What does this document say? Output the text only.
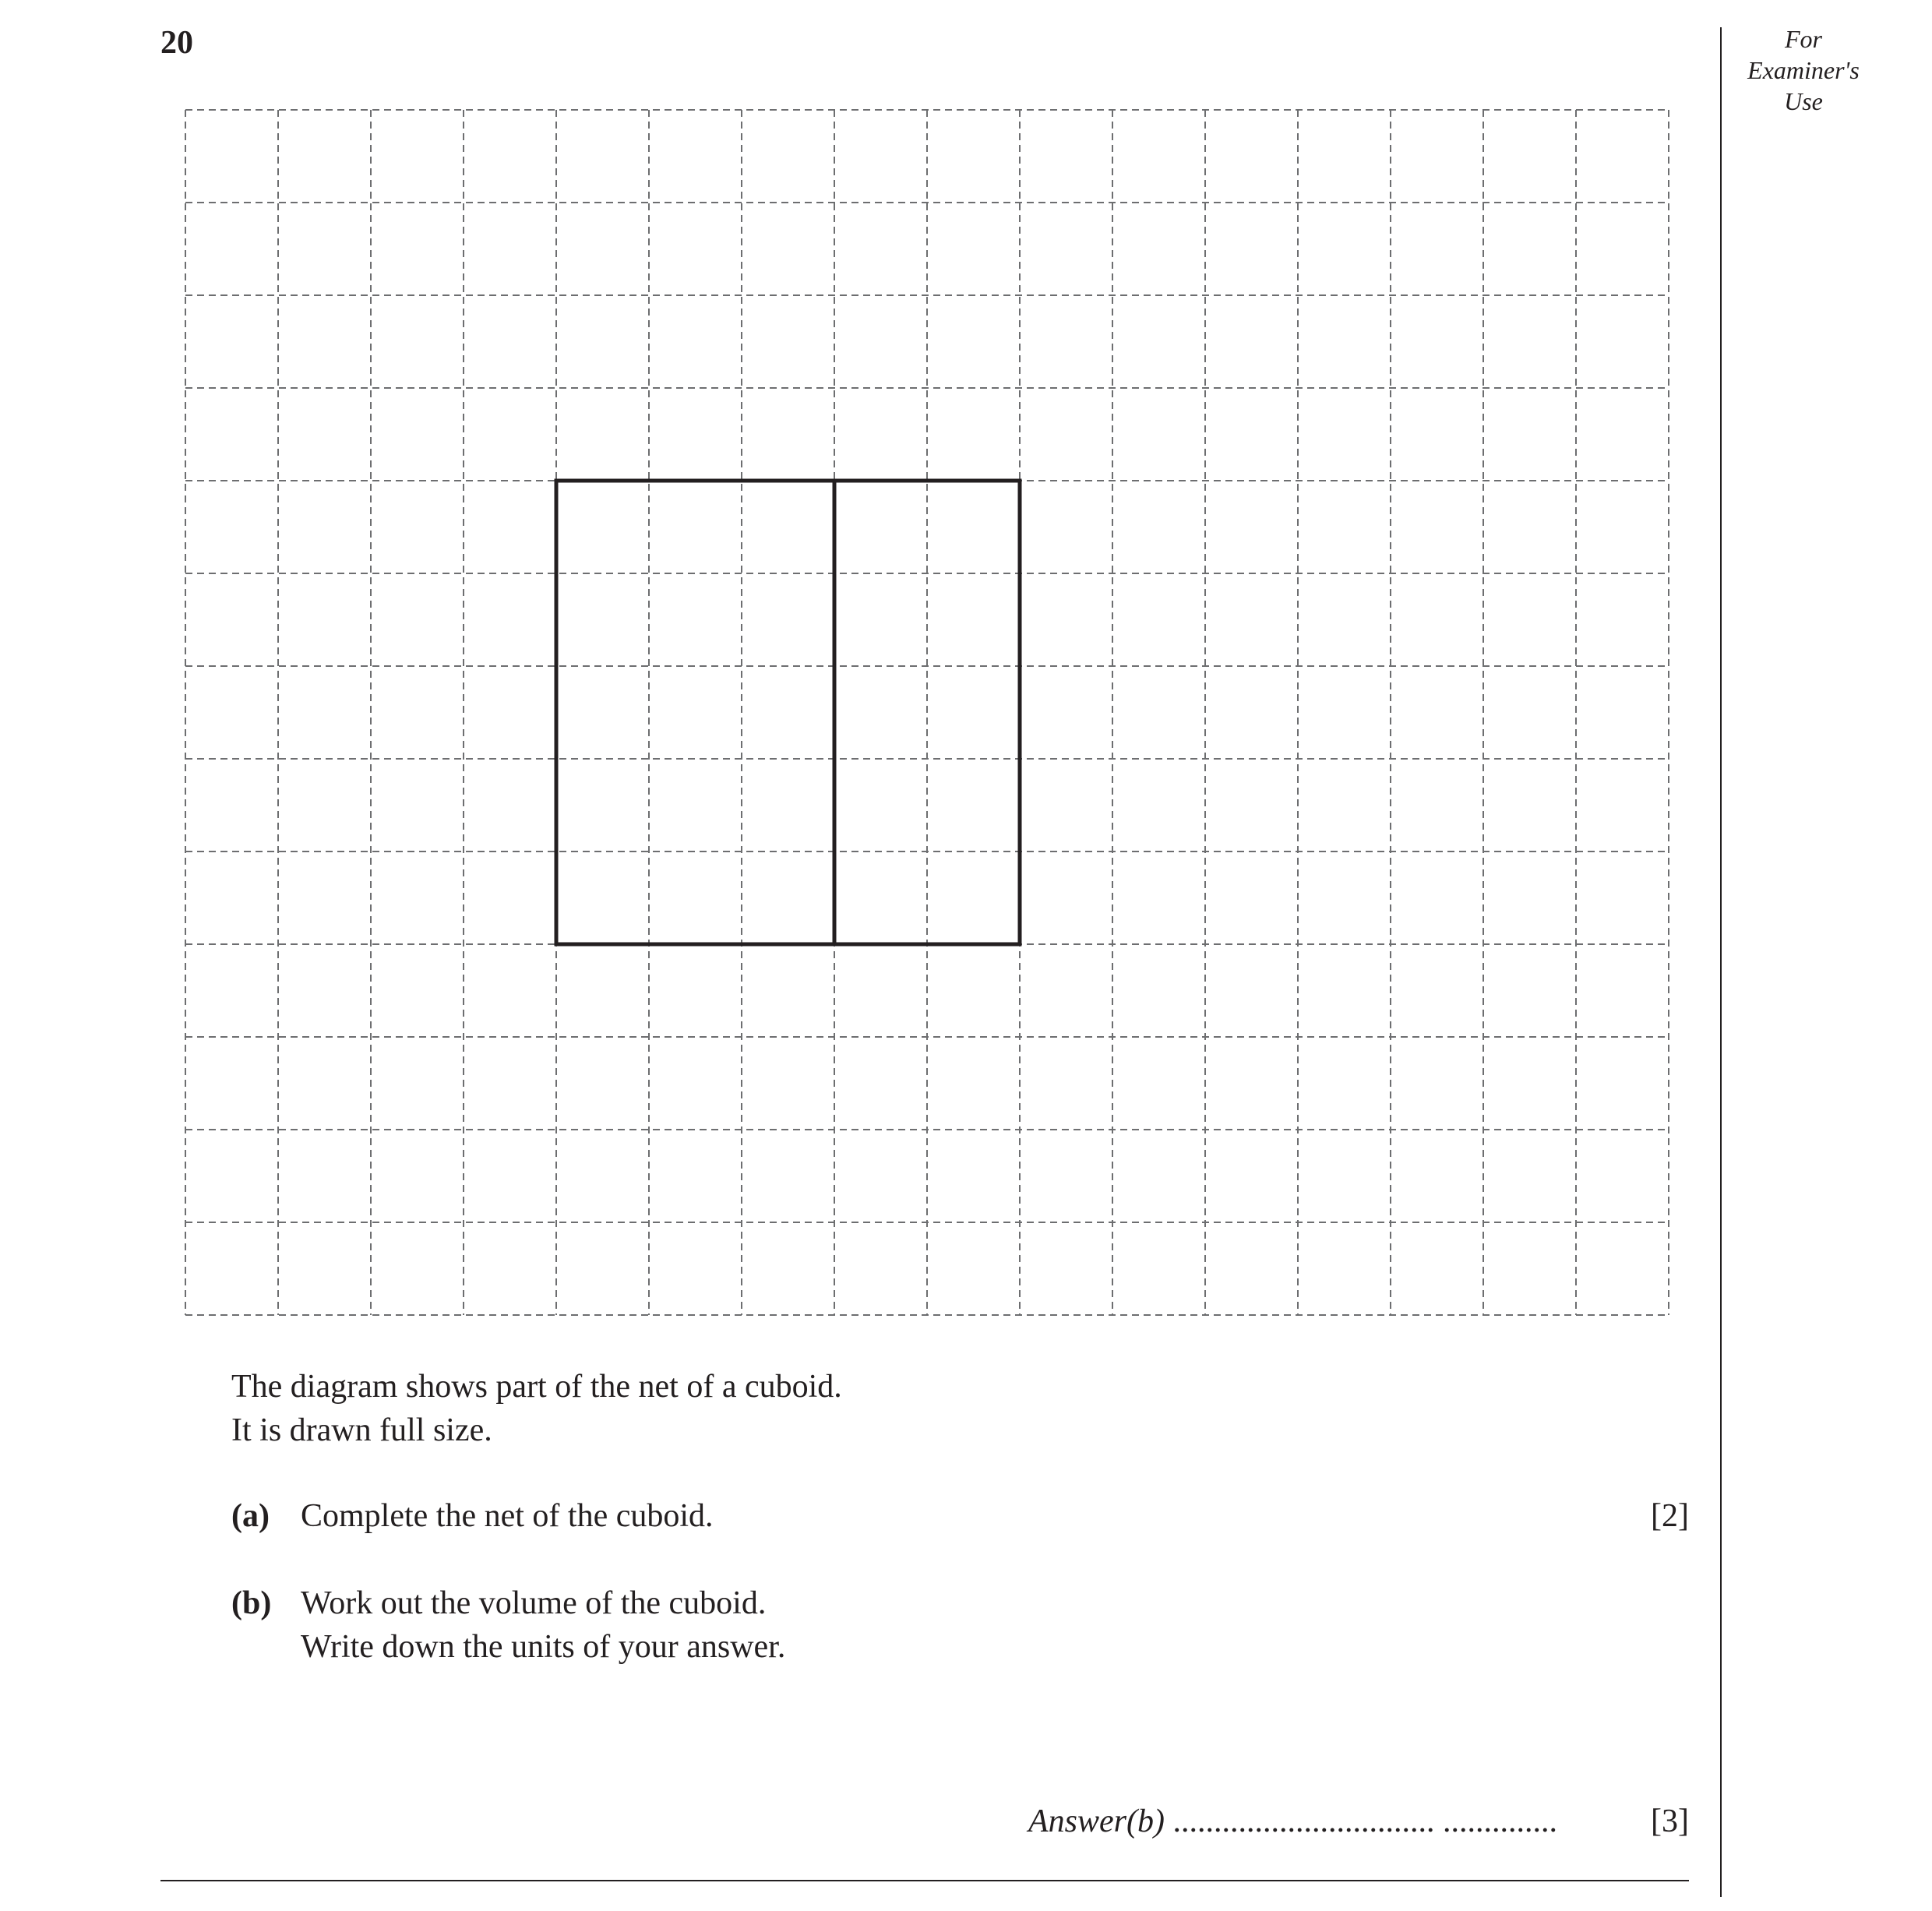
20	For
Examiner's
Use
The diagram shows part of the net of a cuboid.
It is drawn full size.
(a) Complete the net of the cuboid.	[2]
(b) Work out the volume of the cuboid.
Write down the units of your answer.
Answer(b) ................................ ..............	[3]
